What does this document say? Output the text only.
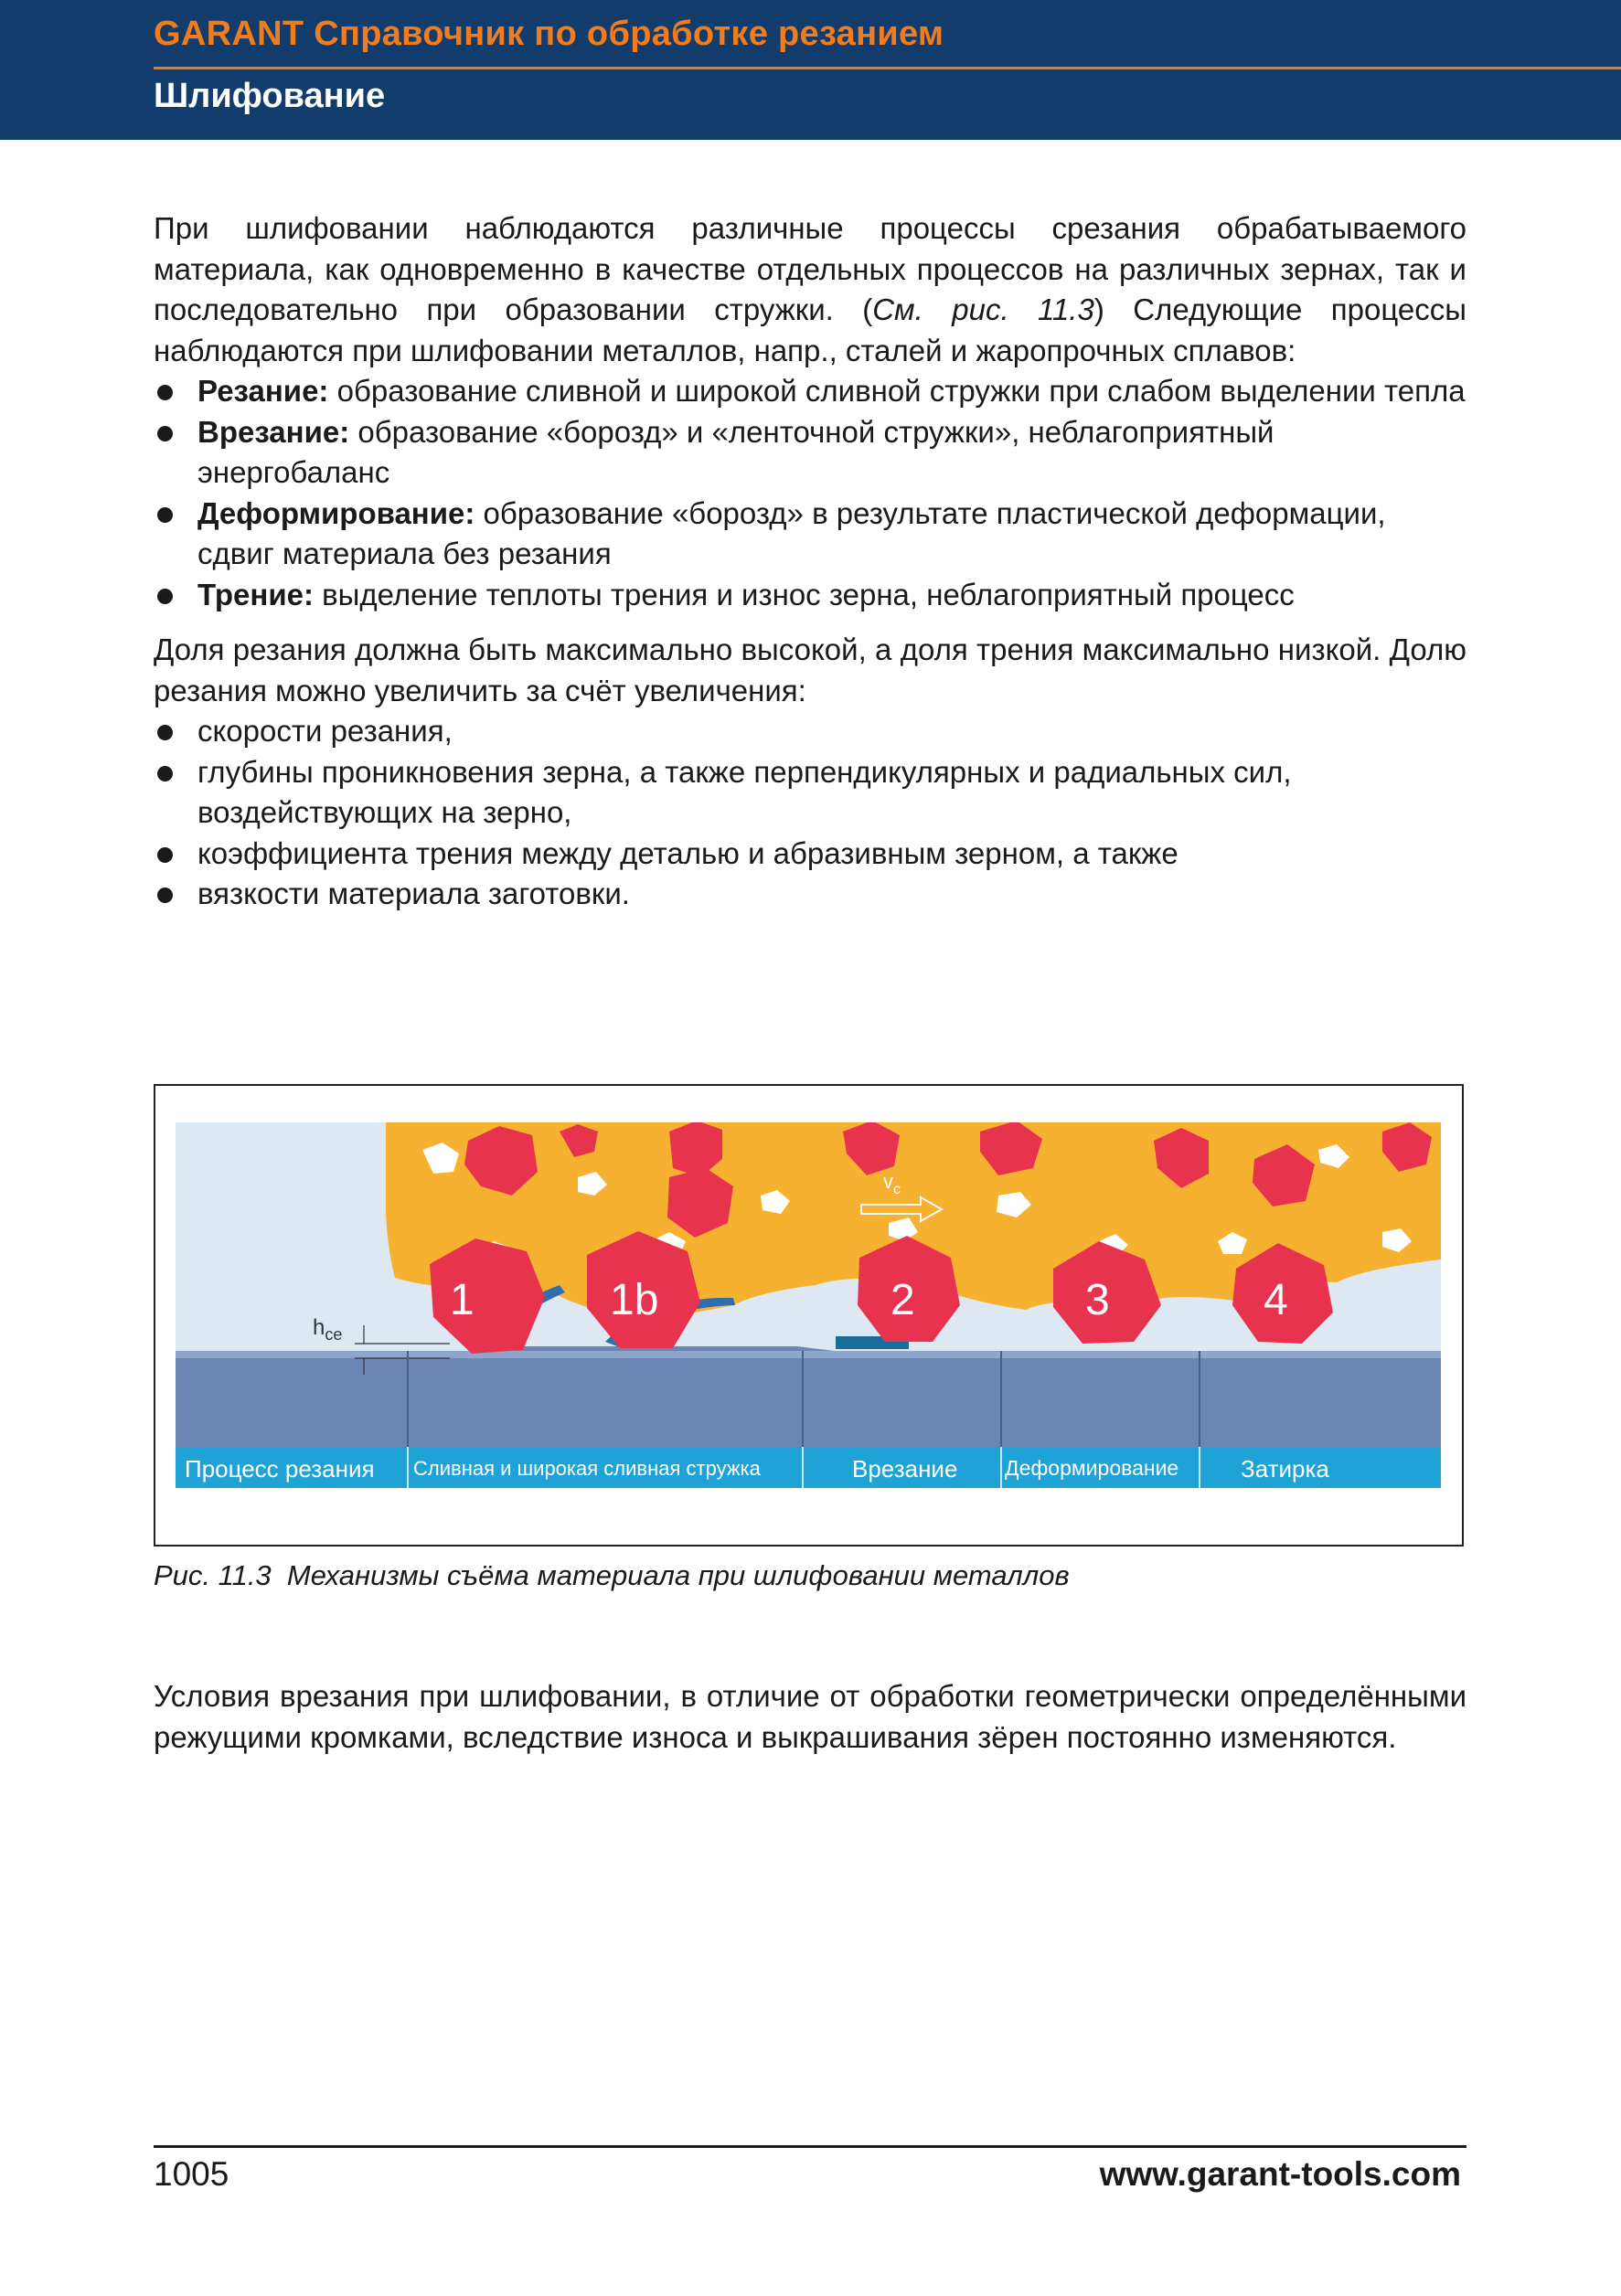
GARANT Справочник по обработке резанием
Шлифование

При шлифовании наблюдаются различные процессы срезания обрабатываемого материала, как одновременно в качестве отдельных процессов на различных зернах, так и последовательно при образовании стружки. (См. рис. 11.3) Следующие процессы наблюдаются при шлифовании металлов, напр., сталей и жаропрочных сплавов:

Резание: образование сливной и широкой сливной стружки при слабом выделении тепла
Врезание: образование «борозд» и «ленточной стружки», неблагоприятный энергобаланс
Деформирование: образование «борозд» в результате пластической деформации, сдвиг материала без резания
Трение: выделение теплоты трения и износ зерна, неблагоприятный процесс

Доля резания должна быть максимально высокой, а доля трения максимально низкой. Долю резания можно увеличить за счёт увеличения:

скорости резания,
глубины проникновения зерна, а также перпендикулярных и радиальных сил, воздействующих на зерно,
коэффициента трения между деталью и абразивным зерном, а также
вязкости материала заготовки.
1	1b	2	3	4
$v_c$
$h_{ce}$
Процесс резания Сливная и широкая сливная стружка	Врезание Деформирование	Затирка
Рис. 11.3 Механизмы съёма материала при шлифовании металлов

Условия врезания при шлифовании, в отличие от обработки геометрически определёнными режущими кромками, вследствие износа и выкрашивания зёрен постоянно изменяются.

1005	www.garant-tools.com
